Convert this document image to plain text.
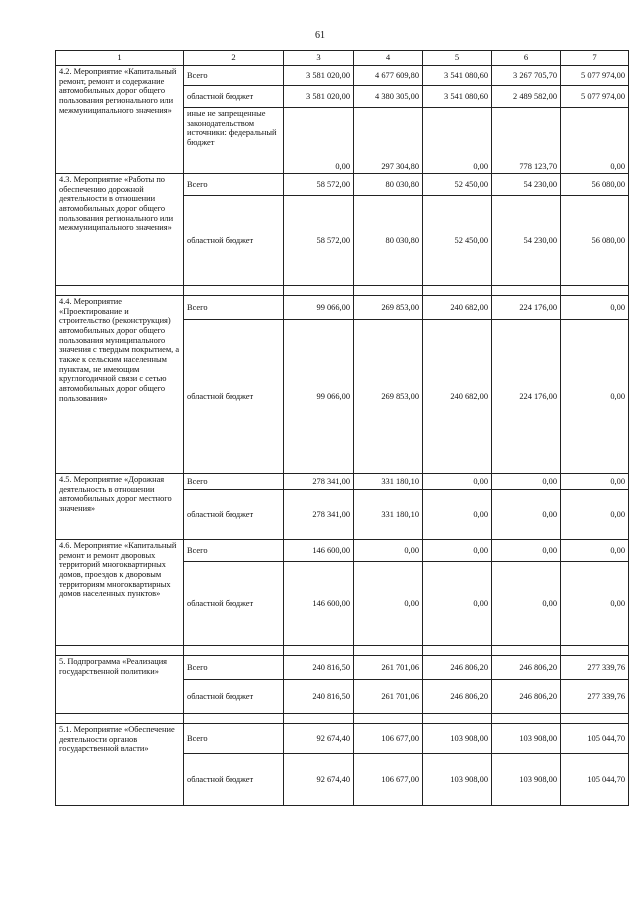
61
1	2	3	4	5	6	7
4.2. Мероприятие «Капитальный ремонт, ремонт и содержание автомобильных дорог общего пользования регионального или межмуниципального значения»	Всего	3 581 020,00	4 677 609,80	3 541 080,60	3 267 705,70	5 077 974,00
	областной бюджет	3 581 020,00	4 380 305,00	3 541 080,60	2 489 582,00	5 077 974,00
	иные не запрещенные законодательством источники: федеральный бюджет	0,00	297 304,80	0,00	778 123,70	0,00
4.3. Мероприятие «Работы по обеспечению дорожной деятельности в отношении автомобильных дорог общего пользования регионального или межмуниципального значения»	Всего	58 572,00	80 030,80	52 450,00	54 230,00	56 080,00
	областной бюджет	58 572,00	80 030,80	52 450,00	54 230,00	56 080,00

4.4. Мероприятие «Проектирование и строительство (реконструкция) автомобильных дорог общего пользования муниципального значения с твердым покрытием, а также к сельским населенным пунктам, не имеющим круглогодичной связи с сетью автомобильных дорог общего пользования»	Всего	99 066,00	269 853,00	240 682,00	224 176,00	0,00
	областной бюджет	99 066,00	269 853,00	240 682,00	224 176,00	0,00
4.5. Мероприятие «Дорожная деятельность в отношении автомобильных дорог местного значения»	Всего	278 341,00	331 180,10	0,00	0,00	0,00
	областной бюджет	278 341,00	331 180,10	0,00	0,00	0,00
4.6. Мероприятие «Капитальный ремонт и ремонт дворовых территорий многоквартирных домов, проездов к дворовым территориям многоквартирных домов населенных пунктов»	Всего	146 600,00	0,00	0,00	0,00	0,00
	областной бюджет	146 600,00	0,00	0,00	0,00	0,00

5. Подпрограмма «Реализация государственной политики»	Всего	240 816,50	261 701,06	246 806,20	246 806,20	277 339,76
	областной бюджет	240 816,50	261 701,06	246 806,20	246 806,20	277 339,76

5.1. Мероприятие «Обеспечение деятельности органов государственной власти»	Всего	92 674,40	106 677,00	103 908,00	103 908,00	105 044,70
	областной бюджет	92 674,40	106 677,00	103 908,00	103 908,00	105 044,70
